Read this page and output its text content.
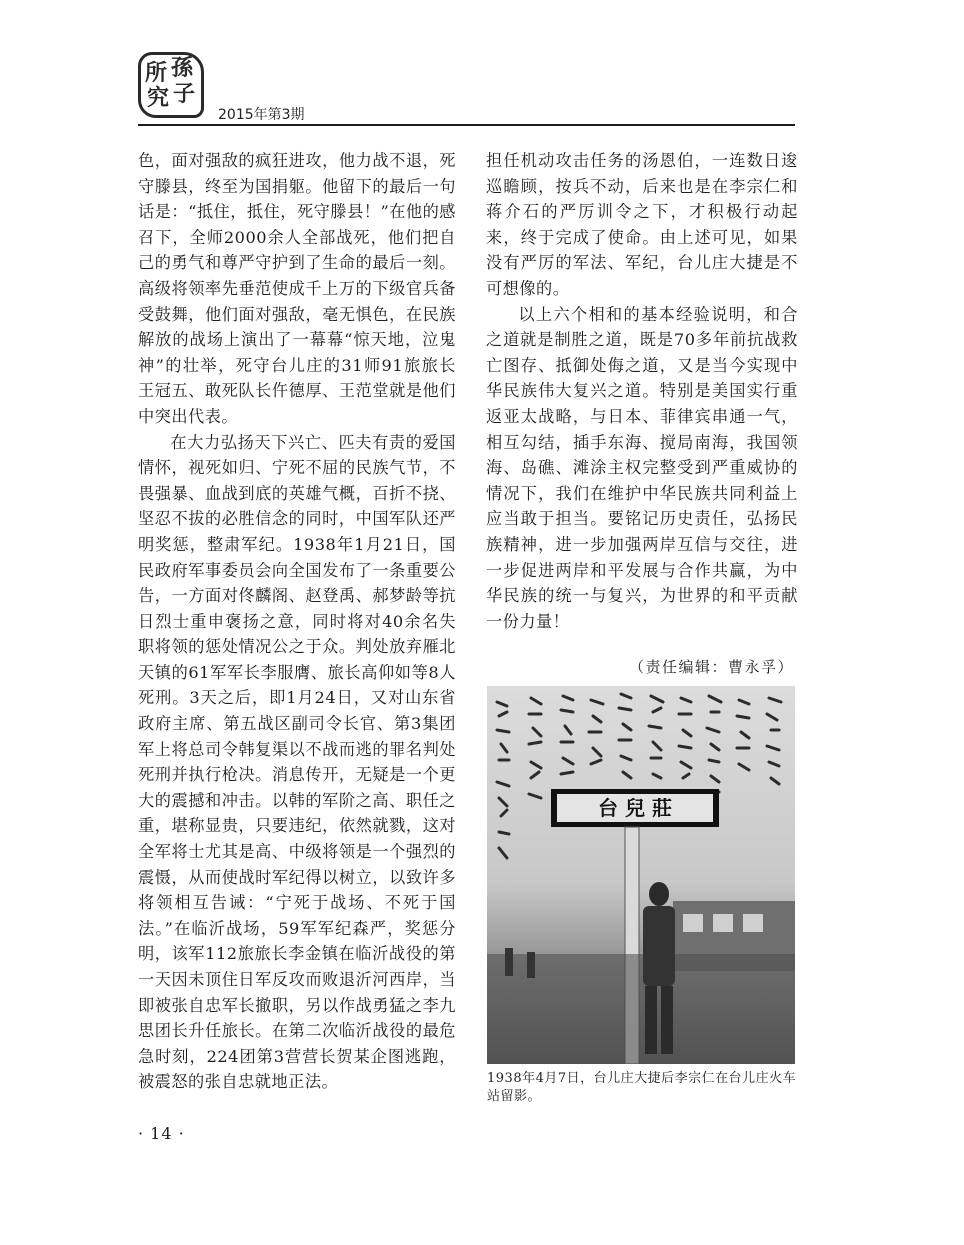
所 孫
究 子
2015年第3期

色，面对强敌的疯狂进攻，他力战不退，死守滕县，终至为国捐躯。他留下的最后一句话是：“抵住，抵住，死守滕县！”在他的感召下，全师2000余人全部战死，他们把自己的勇气和尊严守护到了生命的最后一刻。高级将领率先垂范使成千上万的下级官兵备受鼓舞，他们面对强敌，毫无惧色，在民族解放的战场上演出了一幕幕“惊天地，泣鬼神”的壮举，死守台儿庄的31师91旅旅长王冠五、敢死队长仵德厚、王范堂就是他们中突出代表。

在大力弘扬天下兴亡、匹夫有责的爱国情怀，视死如归、宁死不屈的民族气节，不畏强暴、血战到底的英雄气概，百折不挠、坚忍不拔的必胜信念的同时，中国军队还严明奖惩，整肃军纪。1938年1月21日，国民政府军事委员会向全国发布了一条重要公告，一方面对佟麟阁、赵登禹、郝梦龄等抗日烈士重申褒扬之意，同时将对40余名失职将领的惩处情况公之于众。判处放弃雁北天镇的61军军长李服膺、旅长高仰如等8人死刑。3天之后，即1月24日，又对山东省政府主席、第五战区副司令长官、第3集团军上将总司令韩复渠以不战而逃的罪名判处死刑并执行枪决。消息传开，无疑是一个更大的震撼和冲击。以韩的军阶之高、职任之重，堪称显贵，只要违纪，依然就戮，这对全军将士尤其是高、中级将领是一个强烈的震慑，从而使战时军纪得以树立，以致许多将领相互告诫：“宁死于战场、不死于国法。”在临沂战场，59军军纪森严，奖惩分明，该军112旅旅长李金镇在临沂战役的第一天因未顶住日军反攻而败退沂河西岸，当即被张自忠军长撤职，另以作战勇猛之李九思团长升任旅长。在第二次临沂战役的最危急时刻，224团第3营营长贺某企图逃跑，被震怒的张自忠就地正法。

担任机动攻击任务的汤恩伯，一连数日逡巡瞻顾，按兵不动，后来也是在李宗仁和蒋介石的严厉训令之下，才积极行动起来，终于完成了使命。由上述可见，如果没有严厉的军法、军纪，台儿庄大捷是不可想像的。

以上六个相和的基本经验说明，和合之道就是制胜之道，既是70多年前抗战救亡图存、抵御处侮之道，又是当今实现中华民族伟大复兴之道。特别是美国实行重返亚太战略，与日本、菲律宾串通一气，相互勾结，插手东海、搅局南海，我国领海、岛礁、滩涂主权完整受到严重威协的情况下，我们在维护中华民族共同利益上应当敢于担当。要铭记历史责任，弘扬民族精神，进一步加强两岸互信与交往，进一步促进两岸和平发展与合作共赢，为中华民族的统一与复兴，为世界的和平贡献一份力量！

（责任编辑：曹永孚）
台 兒 莊
1938年4月7日，台儿庄大捷后李宗仁在台儿庄火车站留影。
· 14 ·
